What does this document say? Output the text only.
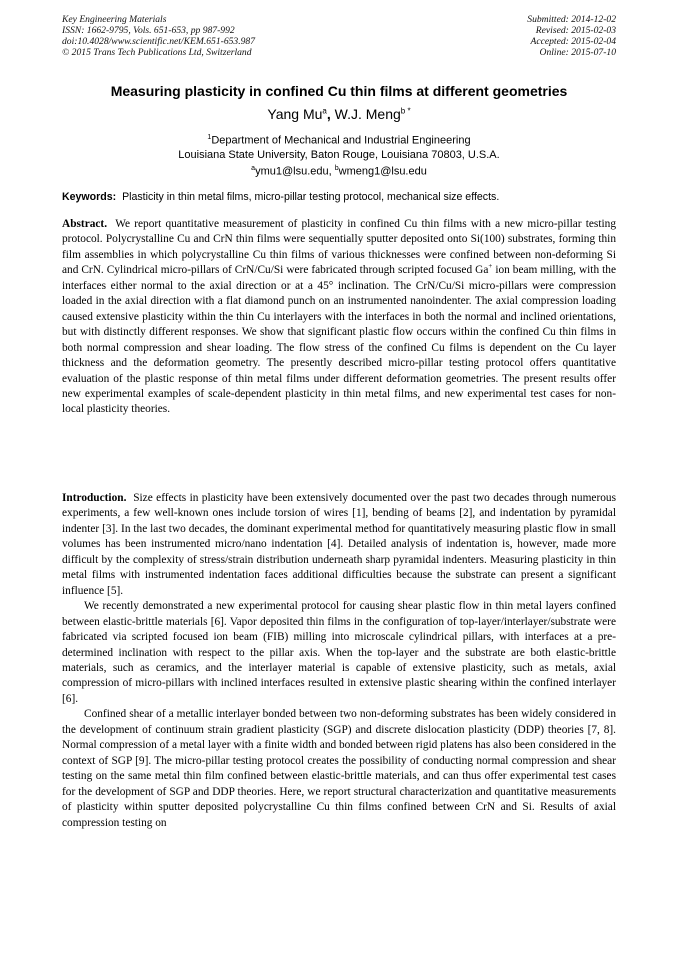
Key Engineering Materials
ISSN: 1662-9795, Vols. 651-653, pp 987-992
doi:10.4028/www.scientific.net/KEM.651-653.987
© 2015 Trans Tech Publications Ltd, Switzerland
Submitted: 2014-12-02
Revised: 2015-02-03
Accepted: 2015-02-04
Online: 2015-07-10
Measuring plasticity in confined Cu thin films at different geometries
Yang Mu$^a$, W.J. Meng$^{b *}$
$^1$Department of Mechanical and Industrial Engineering
Louisiana State University, Baton Rouge, Louisiana 70803, U.S.A.
$^a$ymu1@lsu.edu, $^b$wmeng1@lsu.edu
Keywords: Plasticity in thin metal films, micro-pillar testing protocol, mechanical size effects.

Abstract. We report quantitative measurement of plasticity in confined Cu thin films with a new micro-pillar testing protocol. Polycrystalline Cu and CrN thin films were sequentially sputter deposited onto Si(100) substrates, forming thin film assemblies in which polycrystalline Cu thin films of various thicknesses were confined between non-deforming Si and CrN. Cylindrical micro-pillars of CrN/Cu/Si were fabricated through scripted focused Ga+ ion beam milling, with the interfaces either normal to the axial direction or at a 45° inclination. The CrN/Cu/Si micro-pillars were compression loaded in the axial direction with a flat diamond punch on an instrumented nanoindenter. The axial compression loading caused extensive plasticity within the thin Cu interlayers with the interfaces in both the normal and inclined orientations, but with distinctly different responses. We show that significant plastic flow occurs within the confined Cu thin films in both normal compression and shear loading. The flow stress of the confined Cu films is dependent on the Cu layer thickness and the deformation geometry. The presently described micro-pillar testing protocol offers quantitative evaluation of the plastic response of thin metal films under different deformation geometries. The present results offer new experimental examples of scale-dependent plasticity in thin metal films, and new experimental test cases for non-local plasticity theories.

Introduction. Size effects in plasticity have been extensively documented over the past two decades through numerous experiments, a few well-known ones include torsion of wires [1], bending of beams [2], and indentation by pyramidal indenter [3]. In the last two decades, the dominant experimental method for quantitatively measuring plastic flow in small volumes has been instrumented micro/nano indentation [4]. Detailed analysis of indentation is, however, made more difficult by the complexity of stress/strain distribution underneath sharp pyramidal indenters. Measuring plasticity in thin metal films with instrumented indentation faces additional difficulties because the substrate can present a significant influence [5].

We recently demonstrated a new experimental protocol for causing shear plastic flow in thin metal layers confined between elastic-brittle materials [6]. Vapor deposited thin films in the configuration of top-layer/interlayer/substrate were fabricated via scripted focused ion beam (FIB) milling into microscale cylindrical pillars, with interfaces at a pre-determined inclination with respect to the pillar axis. When the top-layer and the substrate are both elastic-brittle materials, such as ceramics, and the interlayer material is capable of extensive plasticity, such as metals, axial compression of micro-pillars with inclined interfaces resulted in extensive plastic shearing within the confined interlayer [6].

Confined shear of a metallic interlayer bonded between two non-deforming substrates has been widely considered in the development of continuum strain gradient plasticity (SGP) and discrete dislocation plasticity (DDP) theories [7, 8]. Normal compression of a metal layer with a finite width and bonded between rigid platens has also been considered in the context of SGP [9]. The micro-pillar testing protocol creates the possibility of conducting normal compression and shear testing on the same metal thin film confined between elastic-brittle materials, and can thus offer experimental test cases for the development of SGP and DDP theories. Here, we report structural characterization and quantitative measurements of plasticity within sputter deposited polycrystalline Cu thin films confined between CrN and Si. Results of axial compression testing on
